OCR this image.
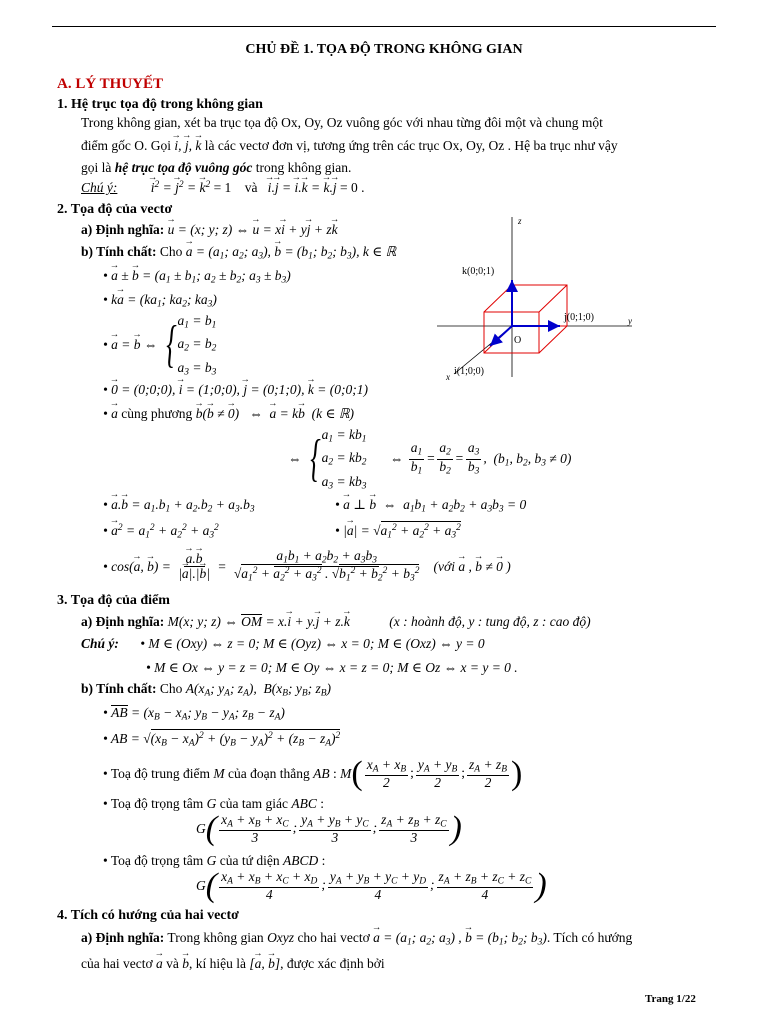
CHỦ ĐỀ 1. TỌA ĐỘ TRONG KHÔNG GIAN
A. LÝ THUYẾT
1. Hệ trục tọa độ trong không gian
Trong không gian, xét ba trục tọa độ Ox, Oy, Oz vuông góc với nhau từng đôi một và chung một
điểm gốc O. Gọi → i, → j, → k là các vectơ đơn vị, tương ứng trên các trục Ox, Oy, Oz . Hệ ba trục như vậy
gọi là hệ trục tọa độ vuông góc trong không gian.
Chú ý: → $i^2$ = → $j^2$ = → $k^2 = 1$    và   → i.→ j = → i.→ k = → k.→ j = 0 .
2. Tọa độ của vectơ
a) Định nghĩa: → u = (x; y; z) ⇔ → u = x→ i + y→ j + z→ k
b) Tính chất: Cho → $a = (a_1$; $a_2$; $a_3$), → $b = (b_1$; $b_2$; $b_3$), k ∈ ℝ
• → a ± → $b = (a_1 \pm b_1$; $a_2 \pm b_2$; $a_3 \pm b_3$)
• $k\to a = (ka_1$; $ka_2$; $ka_3$)
• → a = → b ⇔ { $a_1 = b_1$
$a_2 = b_2$
$a_3 = b_3$
• → 0 = (0;0;0), → i = (1;0;0), → j = (0;1;0), → k = (0;0;1)
• → a cùng phương → b(→ b ≠ → 0)   ⇔  → a = k→ b  (k ∈ ℝ)
⇔ { $a_1 = kb_1$
$a_2 = kb_2$
$a_3 = kb_3$
⇔ $\frac{a_1}{b_1} = \frac{a_2}{b_2} = \frac{a_3}{b_3}$ ,  ($b_1$, $b_2$, $b_3 \ne 0$)
• → $a.\to b = a_1.b_1 + a_2.b_2 + a_3.b_3$	• → a ⊥ → b  ⇔  $a_1b_1 + a_2b_2 + a_3b_3 = 0$
• → $a^2 = a_1^2 + a_2^2 + a_3^2$	• |→ $a| = √a_1^2 + a_2^2 + a_3^2$
• cos(→ a, → b) = → $\frac{a.\to b}{|\to a|.|\to b|} = \frac{a_1b_1 + a_2b_2 + a_3b_3}{√a_1^2 + a_2^2 + a_3^2 . √b_1^2 + b_2^2 + b_3^2}$ (với → a , → b ≠ → 0 )
k(0;0;1)
j(0;1;0)
i(1;0;0)
O
x
y
z
3. Tọa độ của điểm
a) Định nghĩa: M(x; y; z) ⇔ OM = x.→ i + y.→ j + z.→ k	(x : hoành độ, y : tung độ, z : cao độ)
Chú ý: • M ∈ (Oxy) ⇔ z = 0; M ∈ (Oyz) ⇔ x = 0; M ∈ (Oxz) ⇔ y = 0
• M ∈ Ox ⇔ y = z = 0; M ∈ Oy ⇔ x = z = 0; M ∈ Oz ⇔ x = y = 0 .
b) Tính chất: Cho $A(x_A$; $y_A$; $z_A$),  $B(x_B$; $y_B$; $z_B$)
• AB = ($x_B - x_A$; $y_B - y_A$; $z_B - z_A$)
• AB = $√(x_B - x_A)^2 + (y_B - y_A)^2 + (z_B - z_A)^2$
• Toạ độ trung điểm M của đoạn thẳng AB : $M( \frac{x_A + x_B}{2}$ ; $\frac{y_A + y_B}{2}$ ; $\frac{z_A + z_B}{2}$ )
• Toạ độ trọng tâm G của tam giác ABC :
$G( \frac{x_A + x_B + x_C}{3}$ ; $\frac{y_A + y_B + y_C}{3}$ ; $\frac{z_A + z_B + z_C}{3}$ )
• Toạ độ trọng tâm G của tứ diện ABCD :
$G( \frac{x_A + x_B + x_C + x_D}{4}$ ; $\frac{y_A + y_B + y_C + y_D}{4}$ ; $\frac{z_A + z_B + z_C + z_C}{4}$ )
4. Tích có hướng của hai vectơ
a) Định nghĩa: Trong không gian Oxyz cho hai vectơ → $a = (a_1$; $a_2$; $a_3$) , → $b = (b_1$; $b_2$; $b_3$). Tích có hướng
của hai vectơ → a và → b, kí hiệu là [→ a, → b], được xác định bởi
Trang 1/22
